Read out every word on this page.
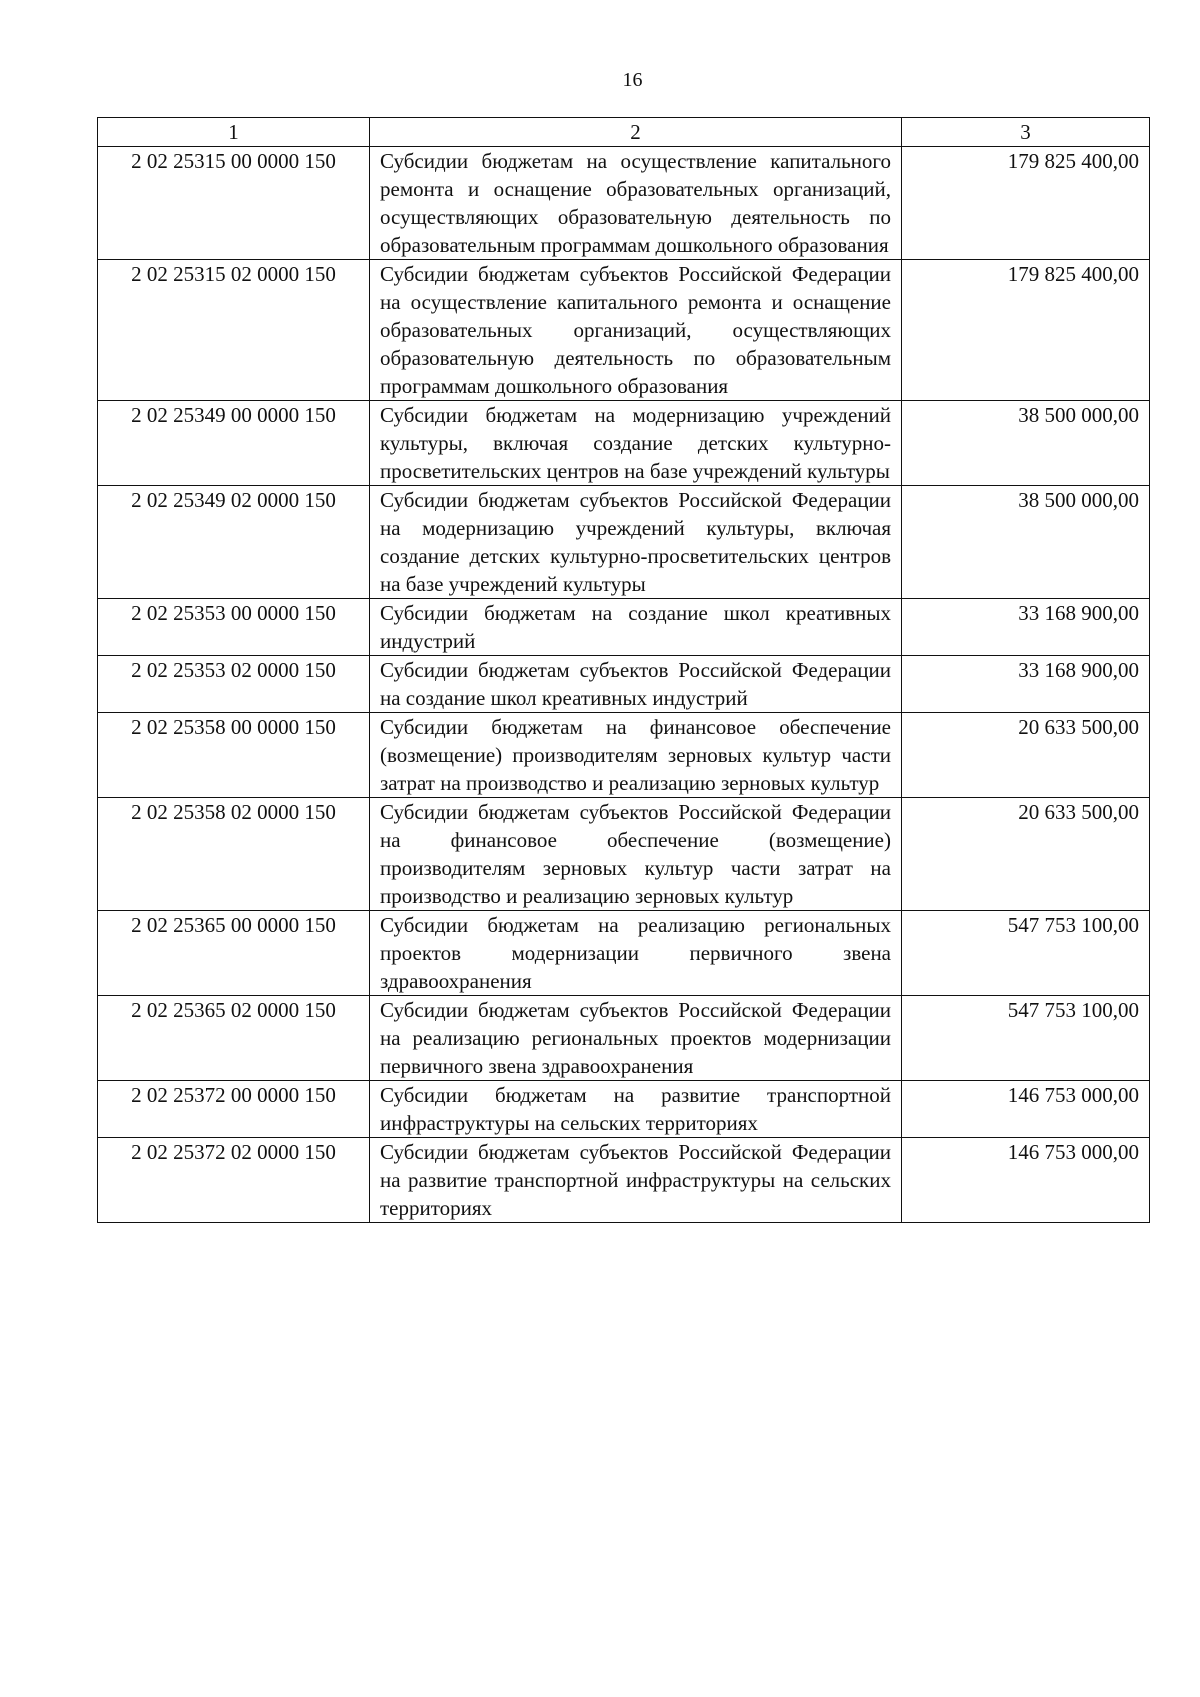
16
1	2	3
2 02 25315 00 0000 150	Субсидии бюджетам на осуществление капитального ремонта и оснащение образовательных организаций, осуществляющих образовательную деятельность по образовательным программам дошкольного образования	179 825 400,00
2 02 25315 02 0000 150	Субсидии бюджетам субъектов Российской Федерации на осуществление капитального ремонта и оснащение образовательных организаций, осуществляющих образовательную деятельность по образовательным программам дошкольного образования	179 825 400,00
2 02 25349 00 0000 150	Субсидии бюджетам на модернизацию учреждений культуры, включая создание детских культурно-просветительских центров на базе учреждений культуры	38 500 000,00
2 02 25349 02 0000 150	Субсидии бюджетам субъектов Российской Федерации на модернизацию учреждений культуры, включая создание детских культурно-просветительских центров на базе учреждений культуры	38 500 000,00
2 02 25353 00 0000 150	Субсидии бюджетам на создание школ креативных индустрий	33 168 900,00
2 02 25353 02 0000 150	Субсидии бюджетам субъектов Российской Федерации на создание школ креативных индустрий	33 168 900,00
2 02 25358 00 0000 150	Субсидии бюджетам на финансовое обеспечение (возмещение) производителям зерновых культур части затрат на производство и реализацию зерновых культур	20 633 500,00
2 02 25358 02 0000 150	Субсидии бюджетам субъектов Российской Федерации на финансовое обеспечение (возмещение) производителям зерновых культур части затрат на производство и реализацию зерновых культур	20 633 500,00
2 02 25365 00 0000 150	Субсидии бюджетам на реализацию региональных проектов модернизации первичного звена здравоохранения	547 753 100,00
2 02 25365 02 0000 150	Субсидии бюджетам субъектов Российской Федерации на реализацию региональных проектов модернизации первичного звена здравоохранения	547 753 100,00
2 02 25372 00 0000 150	Субсидии бюджетам на развитие транспортной инфраструктуры на сельских территориях	146 753 000,00
2 02 25372 02 0000 150	Субсидии бюджетам субъектов Российской Федерации на развитие транспортной инфраструктуры на сельских территориях	146 753 000,00
